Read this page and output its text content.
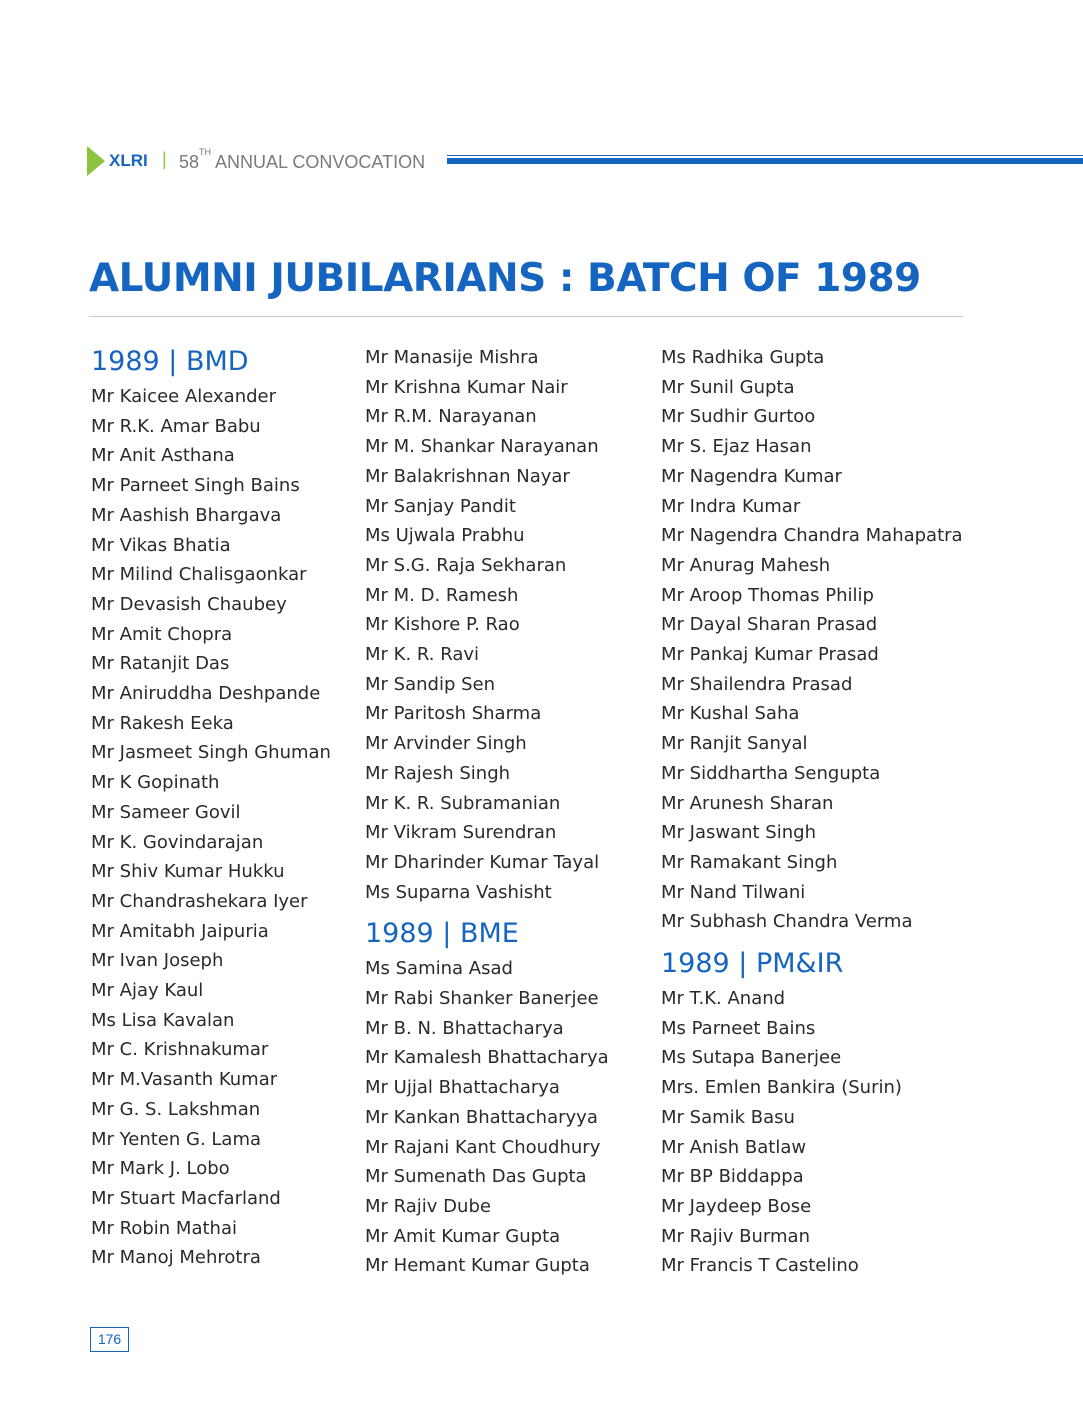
XLRI | 58TH ANNUAL CONVOCATION
ALUMNI JUBILARIANS : BATCH OF 1989
1989 | BMD
Mr Kaicee Alexander
Mr R.K. Amar Babu
Mr Anit Asthana
Mr Parneet Singh Bains
Mr Aashish Bhargava
Mr Vikas Bhatia
Mr Milind Chalisgaonkar
Mr Devasish Chaubey
Mr Amit Chopra
Mr Ratanjit Das
Mr Aniruddha Deshpande
Mr Rakesh Eeka
Mr Jasmeet Singh Ghuman
Mr K Gopinath
Mr Sameer Govil
Mr K. Govindarajan
Mr Shiv Kumar Hukku
Mr Chandrashekara Iyer
Mr Amitabh Jaipuria
Mr Ivan Joseph
Mr Ajay Kaul
Ms Lisa Kavalan
Mr C. Krishnakumar
Mr M.Vasanth Kumar
Mr G. S. Lakshman
Mr Yenten G. Lama
Mr Mark J. Lobo
Mr Stuart Macfarland
Mr Robin Mathai
Mr Manoj Mehrotra
Mr Manasije Mishra
Mr Krishna Kumar Nair
Mr R.M. Narayanan
Mr M. Shankar Narayanan
Mr Balakrishnan Nayar
Mr Sanjay Pandit
Ms Ujwala Prabhu
Mr S.G. Raja Sekharan
Mr M. D. Ramesh
Mr Kishore P. Rao
Mr K. R. Ravi
Mr Sandip Sen
Mr Paritosh Sharma
Mr Arvinder Singh
Mr Rajesh Singh
Mr K. R. Subramanian
Mr Vikram Surendran
Mr Dharinder Kumar Tayal
Ms Suparna Vashisht
1989 | BME
Ms Samina Asad
Mr Rabi Shanker Banerjee
Mr B. N. Bhattacharya
Mr Kamalesh Bhattacharya
Mr Ujjal Bhattacharya
Mr Kankan Bhattacharyya
Mr Rajani Kant Choudhury
Mr Sumenath Das Gupta
Mr Rajiv Dube
Mr Amit Kumar Gupta
Mr Hemant Kumar Gupta
Ms Radhika Gupta
Mr Sunil Gupta
Mr Sudhir Gurtoo
Mr S. Ejaz Hasan
Mr Nagendra Kumar
Mr Indra Kumar
Mr Nagendra Chandra Mahapatra
Mr Anurag Mahesh
Mr Aroop Thomas Philip
Mr Dayal Sharan Prasad
Mr Pankaj Kumar Prasad
Mr Shailendra Prasad
Mr Kushal Saha
Mr Ranjit Sanyal
Mr Siddhartha Sengupta
Mr Arunesh Sharan
Mr Jaswant Singh
Mr Ramakant Singh
Mr Nand Tilwani
Mr Subhash Chandra Verma
1989 | PM&IR
Mr T.K. Anand
Ms Parneet Bains
Ms Sutapa Banerjee
Mrs. Emlen Bankira (Surin)
Mr Samik Basu
Mr Anish Batlaw
Mr BP Biddappa
Mr Jaydeep Bose
Mr Rajiv Burman
Mr Francis T Castelino
176
